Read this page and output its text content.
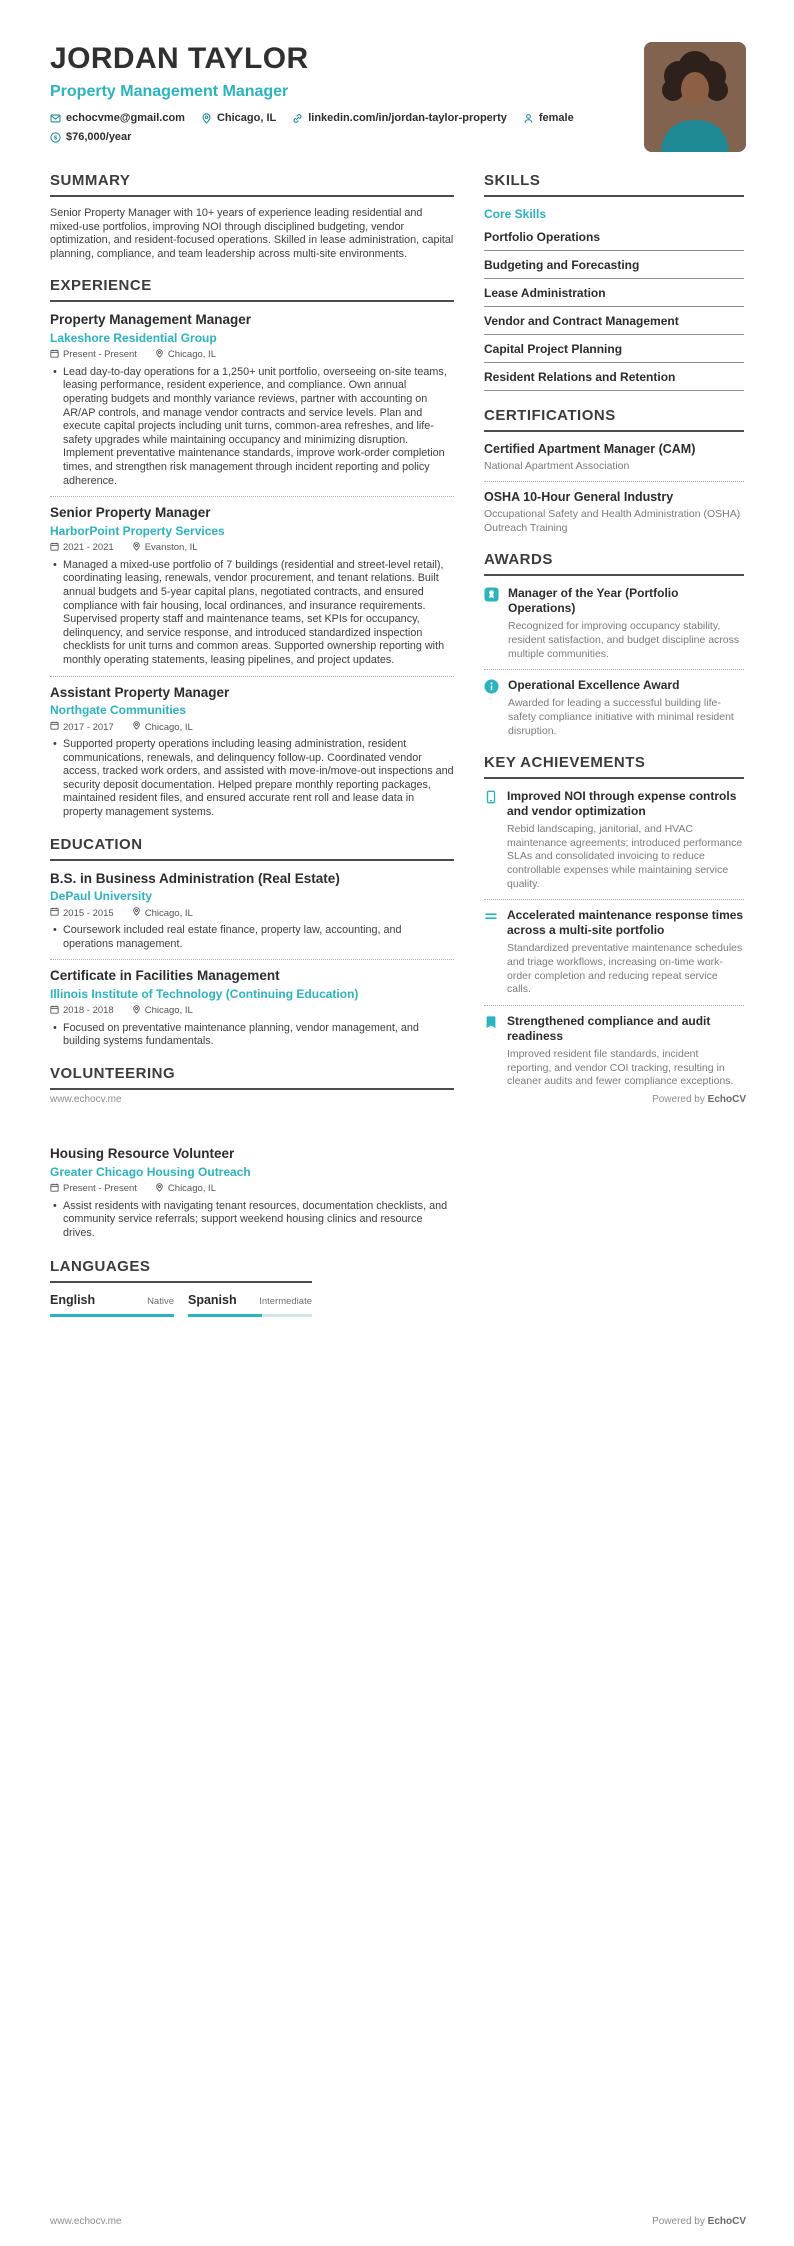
JORDAN TAYLOR
Property Management Manager
echocvme@gmail.com	Chicago, IL	linkedin.com/in/jordan-taylor-property	female
$ $76,000/year
SUMMARY

Senior Property Manager with 10+ years of experience leading residential and mixed-use portfolios, improving NOI through disciplined budgeting, vendor optimization, and resident-focused operations. Skilled in lease administration, capital planning, compliance, and team leadership across multi-site environments.

EXPERIENCE
Property Management Manager
Lakeshore Residential Group
Present - Present	Chicago, IL
• Lead day-to-day operations for a 1,250+ unit portfolio, overseeing on-site teams, leasing performance, resident experience, and compliance. Own annual operating budgets and monthly variance reviews, partner with accounting on AR/AP controls, and manage vendor contracts and service levels. Plan and execute capital projects including unit turns, common-area refreshes, and life-safety upgrades while maintaining occupancy and minimizing disruption. Implement preventative maintenance standards, improve work-order completion times, and strengthen risk management through incident reporting and policy adherence.
Senior Property Manager
HarborPoint Property Services
2021 - 2021	Evanston, IL
• Managed a mixed-use portfolio of 7 buildings (residential and street-level retail), coordinating leasing, renewals, vendor procurement, and tenant relations. Built annual budgets and 5-year capital plans, negotiated contracts, and ensured compliance with fair housing, local ordinances, and insurance requirements. Supervised property staff and maintenance teams, set KPIs for occupancy, delinquency, and service response, and introduced standardized inspection checklists for unit turns and common areas. Supported ownership reporting with monthly operating statements, leasing pipelines, and project updates.
Assistant Property Manager
Northgate Communities
2017 - 2017	Chicago, IL
• Supported property operations including leasing administration, resident communications, renewals, and delinquency follow-up. Coordinated vendor access, tracked work orders, and assisted with move-in/move-out inspections and security deposit documentation. Helped prepare monthly reporting packages, maintained resident files, and ensured accurate rent roll and lease data in property management systems.
EDUCATION
B.S. in Business Administration (Real Estate)
DePaul University
2015 - 2015	Chicago, IL
• Coursework included real estate finance, property law, accounting, and operations management.
Certificate in Facilities Management
Illinois Institute of Technology (Continuing Education)
2018 - 2018	Chicago, IL
• Focused on preventative maintenance planning, vendor management, and building systems fundamentals.
VOLUNTEERING
SKILLS
Core Skills
Portfolio Operations
Budgeting and Forecasting
Lease Administration
Vendor and Contract Management
Capital Project Planning
Resident Relations and Retention
CERTIFICATIONS
Certified Apartment Manager (CAM)
National Apartment Association
OSHA 10-Hour General Industry
Occupational Safety and Health Administration (OSHA) Outreach Training
AWARDS
Manager of the Year (Portfolio Operations)
Recognized for improving occupancy stability, resident satisfaction, and budget discipline across multiple communities.
Operational Excellence Award
Awarded for leading a successful building life-safety compliance initiative with minimal resident disruption.
KEY ACHIEVEMENTS
Improved NOI through expense controls and vendor optimization
Rebid landscaping, janitorial, and HVAC maintenance agreements; introduced performance SLAs and consolidated invoicing to reduce controllable expenses while maintaining service quality.
Accelerated maintenance response times across a multi-site portfolio
Standardized preventative maintenance schedules and triage workflows, increasing on-time work-order completion and reducing repeat service calls.
Strengthened compliance and audit readiness
Improved resident file standards, incident reporting, and vendor COI tracking, resulting in cleaner audits and fewer compliance exceptions.
www.echocv.me	Powered by EchoCV
Housing Resource Volunteer
Greater Chicago Housing Outreach
Present - Present	Chicago, IL
• Assist residents with navigating tenant resources, documentation checklists, and community service referrals; support weekend housing clinics and resource drives.
LANGUAGES
English	Native Spanish Intermediate
www.echocv.me	Powered by EchoCV
